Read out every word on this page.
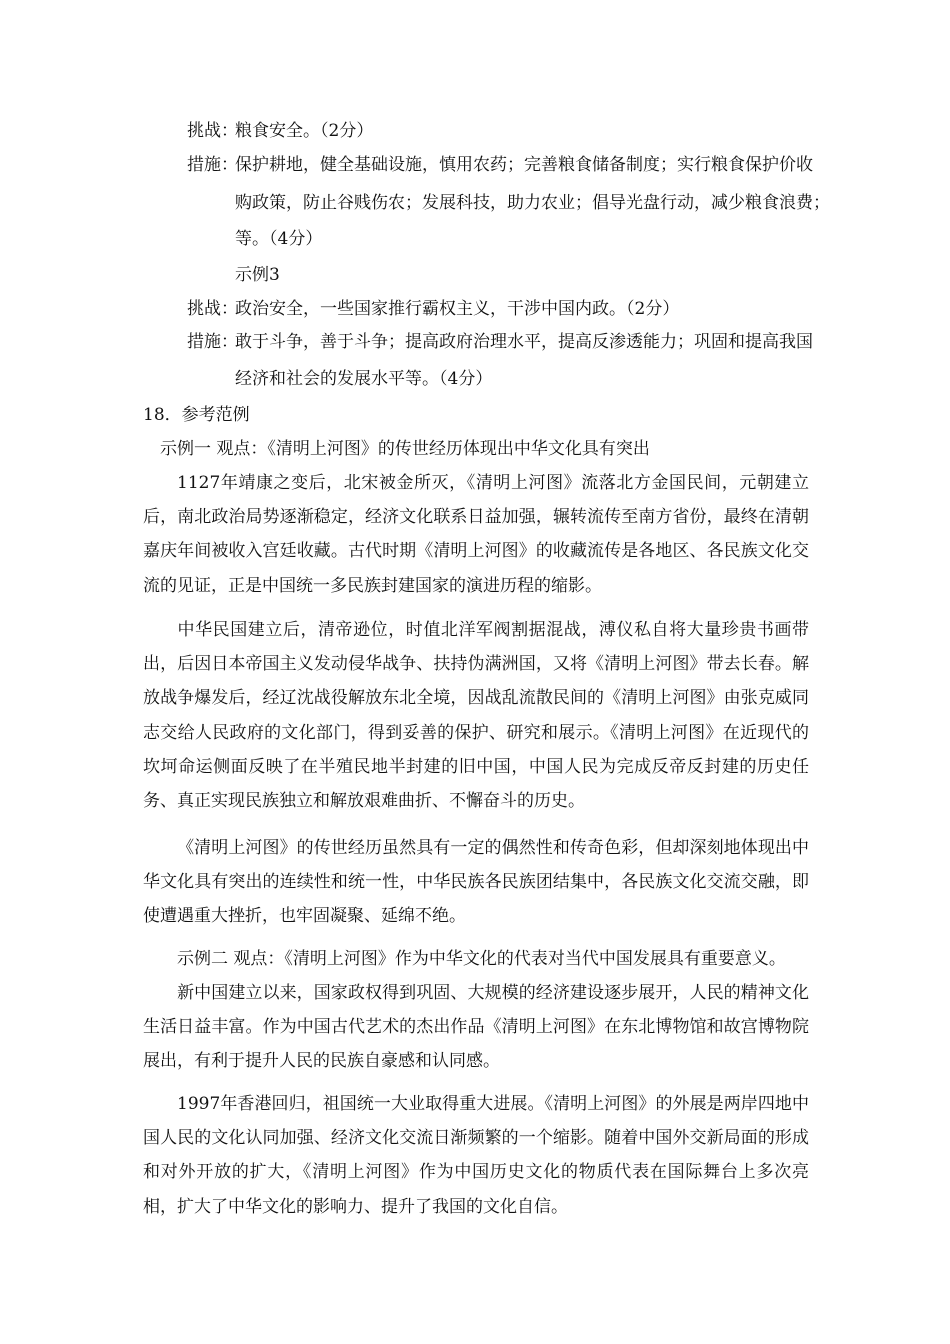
挑战：粮食安全。（2分）
措施：保护耕地，健全基础设施，慎用农药；完善粮食储备制度；实行粮食保护价收
购政策，防止谷贱伤农；发展科技，助力农业；倡导光盘行动，减少粮食浪费；
等。（4分）
示例3
挑战：政治安全，一些国家推行霸权主义，干涉中国内政。（2分）
措施：敢于斗争，善于斗争；提高政府治理水平，提高反渗透能力；巩固和提高我国
经济和社会的发展水平等。（4分）
18．参考范例
示例一 观点：《清明上河图》的传世经历体现出中华文化具有突出
1127年靖康之变后，北宋被金所灭，《清明上河图》流落北方金国民间，元朝建立后，南北政治局势逐渐稳定，经济文化联系日益加强，辗转流传至南方省份，最终在清朝嘉庆年间被收入宫廷收藏。古代时期《清明上河图》的收藏流传是各地区、各民族文化交流的见证，正是中国统一多民族封建国家的演进历程的缩影。
中华民国建立后，清帝逊位，时值北洋军阀割据混战，溥仪私自将大量珍贵书画带出，后因日本帝国主义发动侵华战争、扶持伪满洲国，又将《清明上河图》带去长春。解放战争爆发后，经辽沈战役解放东北全境，因战乱流散民间的《清明上河图》由张克威同志交给人民政府的文化部门，得到妥善的保护、研究和展示。《清明上河图》在近现代的坎坷命运侧面反映了在半殖民地半封建的旧中国，中国人民为完成反帝反封建的历史任务、真正实现民族独立和解放艰难曲折、不懈奋斗的历史。
《清明上河图》的传世经历虽然具有一定的偶然性和传奇色彩，但却深刻地体现出中华文化具有突出的连续性和统一性，中华民族各民族团结集中，各民族文化交流交融，即使遭遇重大挫折，也牢固凝聚、延绵不绝。
示例二 观点：《清明上河图》作为中华文化的代表对当代中国发展具有重要意义。
新中国建立以来，国家政权得到巩固、大规模的经济建设逐步展开，人民的精神文化生活日益丰富。作为中国古代艺术的杰出作品《清明上河图》在东北博物馆和故宫博物院展出，有利于提升人民的民族自豪感和认同感。
1997年香港回归，祖国统一大业取得重大进展。《清明上河图》的外展是两岸四地中国人民的文化认同加强、经济文化交流日渐频繁的一个缩影。随着中国外交新局面的形成和对外开放的扩大，《清明上河图》作为中国历史文化的物质代表在国际舞台上多次亮相，扩大了中华文化的影响力、提升了我国的文化自信。
